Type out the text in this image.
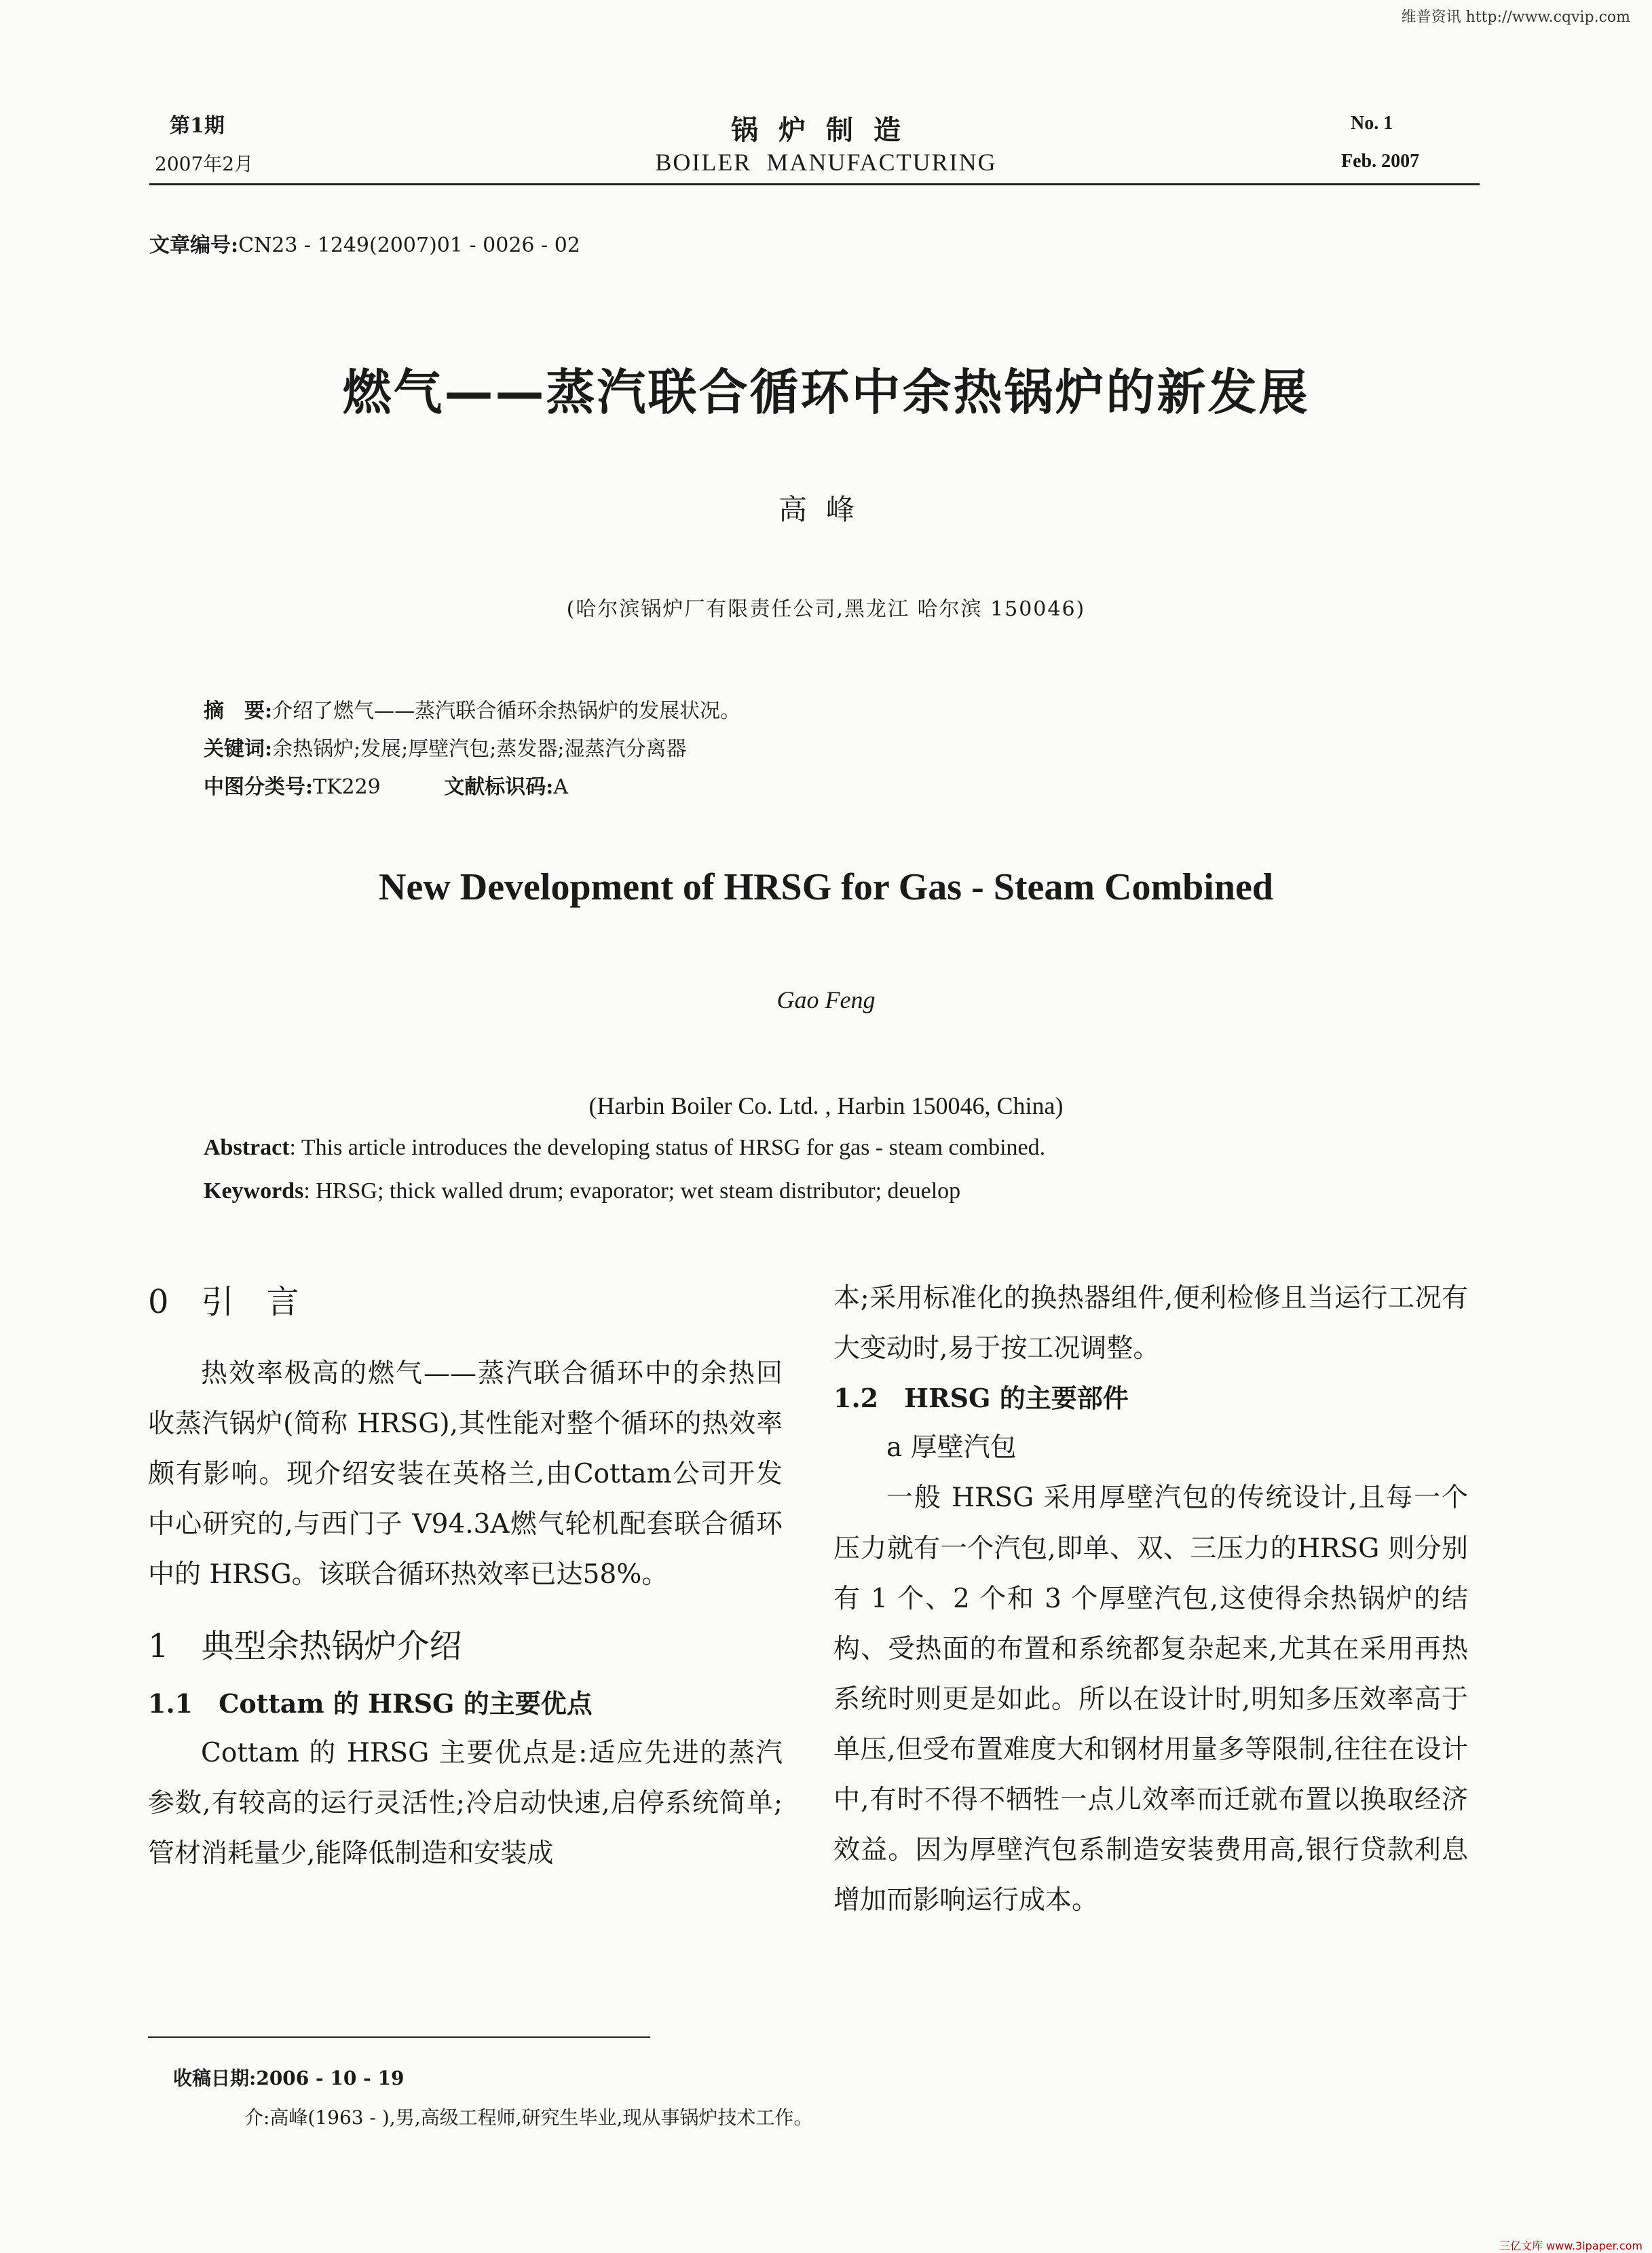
维普资讯 http://www.cqvip.com
第1期
2007年2月
锅炉制造
BOILER  MANUFACTURING
No. 1
Feb. 2007
文章编号:CN23 - 1249(2007)01 - 0026 - 02
燃气——蒸汽联合循环中余热锅炉的新发展
高峰
(哈尔滨锅炉厂有限责任公司,黑龙江 哈尔滨 150046)
摘　要:介绍了燃气——蒸汽联合循环余热锅炉的发展状况。
关键词:余热锅炉;发展;厚壁汽包;蒸发器;湿蒸汽分离器
中图分类号:TK229	文献标识码:A
New Development of HRSG for Gas - Steam Combined
Gao Feng
(Harbin Boiler Co. Ltd. , Harbin 150046, China)
Abstract: This article introduces the developing status of HRSG for gas - steam combined.
Keywords: HRSG; thick walled drum; evaporator; wet steam distributor; deuelop

0　引　言

热效率极高的燃气——蒸汽联合循环中的余热回收蒸汽锅炉(简称 HRSG),其性能对整个循环的热效率颇有影响。现介绍安装在英格兰,由Cottam公司开发中心研究的,与西门子 V94.3A燃气轮机配套联合循环中的 HRSG。该联合循环热效率已达58%。

1　典型余热锅炉介绍

1.1　Cottam 的 HRSG 的主要优点

Cottam 的 HRSG 主要优点是:适应先进的蒸汽参数,有较高的运行灵活性;冷启动快速,启停系统简单;管材消耗量少,能降低制造和安装成

本;采用标准化的换热器组件,便利检修且当运行工况有大变动时,易于按工况调整。

1.2　HRSG 的主要部件

a 厚壁汽包

一般 HRSG 采用厚壁汽包的传统设计,且每一个压力就有一个汽包,即单、双、三压力的HRSG 则分别有 1 个、2 个和 3 个厚壁汽包,这使得余热锅炉的结构、受热面的布置和系统都复杂起来,尤其在采用再热系统时则更是如此。所以在设计时,明知多压效率高于单压,但受布置难度大和钢材用量多等限制,往往在设计中,有时不得不牺牲一点儿效率而迁就布置以换取经济效益。因为厚壁汽包系制造安装费用高,银行贷款利息增加而影响运行成本。

收稿日期:2006 - 10 - 19
介:高峰(1963 - ),男,高级工程师,研究生毕业,现从事锅炉技术工作。
三亿文库 www.3ipaper.com
